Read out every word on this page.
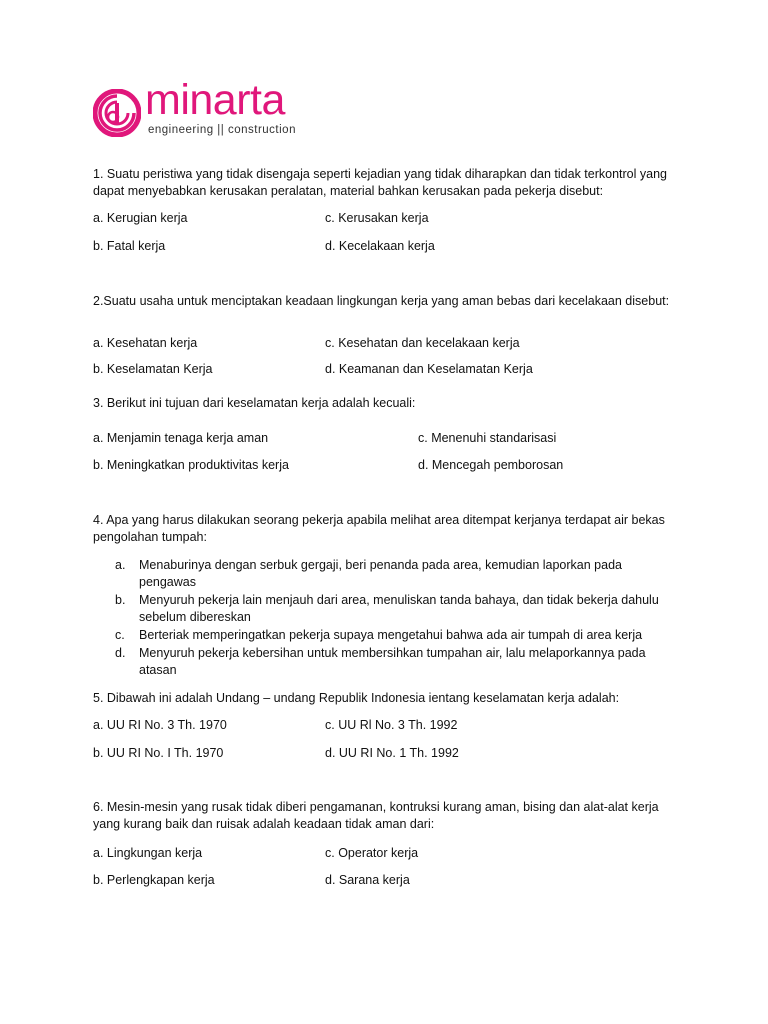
minarta
engineering || construction
1. Suatu peristiwa yang tidak disengaja seperti kejadian yang tidak diharapkan dan tidak terkontrol yang dapat menyebabkan kerusakan peralatan, material bahkan kerusakan pada pekerja disebut:
a. Kerugian kerja	c. Kerusakan kerja
b. Fatal kerja	d. Kecelakaan kerja
2.Suatu usaha untuk menciptakan keadaan lingkungan kerja yang aman bebas dari kecelakaan disebut:
a. Kesehatan kerja	c. Kesehatan dan kecelakaan kerja
b. Keselamatan Kerja	d. Keamanan dan Keselamatan Kerja
3. Berikut ini tujuan dari keselamatan kerja adalah kecuali:
a. Menjamin tenaga kerja aman	c. Menenuhi standarisasi
b. Meningkatkan produktivitas kerja	d. Mencegah pemborosan
4. Apa yang harus dilakukan seorang pekerja apabila melihat area ditempat kerjanya terdapat air bekas pengolahan tumpah:
a. Menaburinya dengan serbuk gergaji, beri penanda pada area, kemudian laporkan pada pengawas
b. Menyuruh pekerja lain menjauh dari area, menuliskan tanda bahaya, dan tidak bekerja dahulu sebelum dibereskan
c. Berteriak memperingatkan pekerja supaya mengetahui bahwa ada air tumpah di area kerja
d. Menyuruh pekerja kebersihan untuk membersihkan tumpahan air, lalu melaporkannya pada atasan
5. Dibawah ini adalah Undang – undang Republik Indonesia ientang keselamatan kerja adalah:
a. UU RI No. 3 Th. 1970	c. UU Rl No. 3 Th. 1992
b. UU RI No. I Th. 1970	d. UU RI No. 1 Th. 1992
6. Mesin-mesin yang rusak tidak diberi pengamanan, kontruksi kurang aman, bising dan alat-alat kerja yang kurang baik dan ruisak adalah keadaan tidak aman dari:
a. Lingkungan kerja	c. Operator kerja
b. Perlengkapan kerja	d. Sarana kerja
